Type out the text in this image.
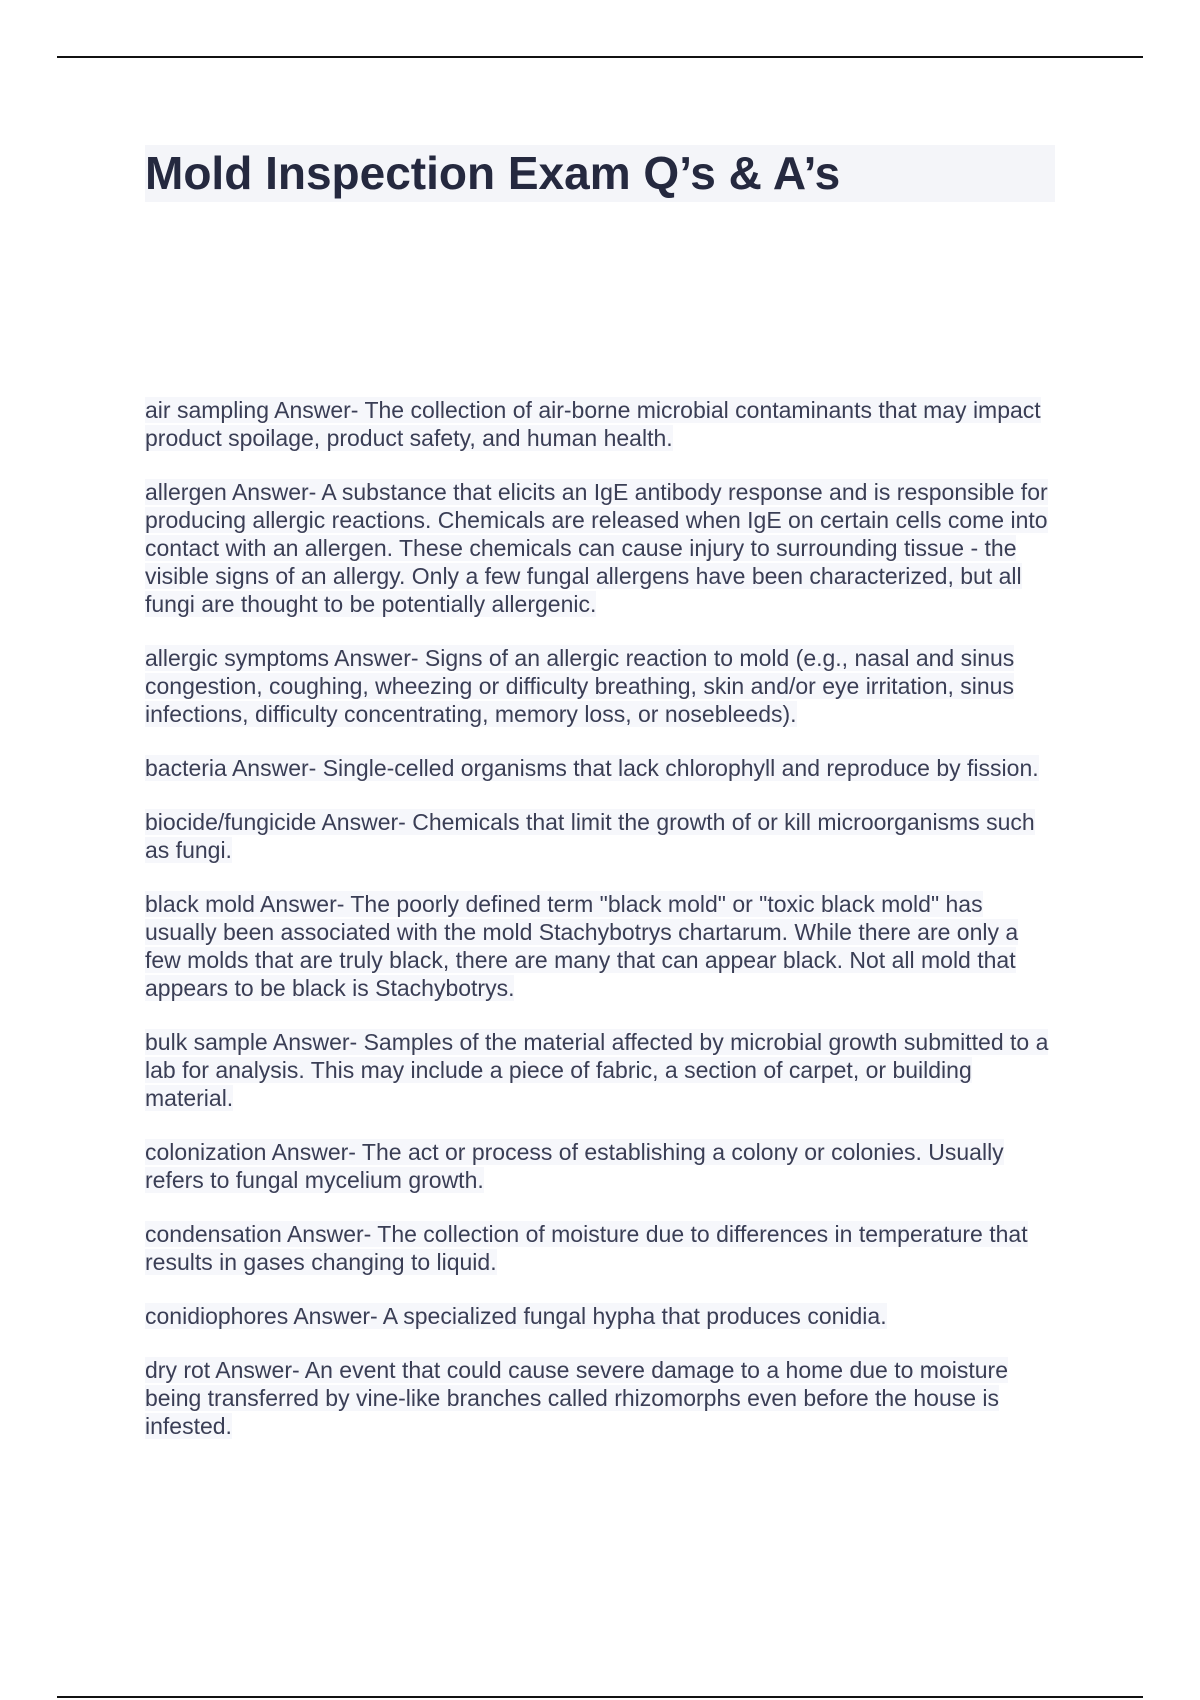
Mold Inspection Exam Q’s & A’s

air sampling Answer- The collection of air-borne microbial contaminants that may impact product spoilage, product safety, and human health.

allergen Answer- A substance that elicits an IgE antibody response and is responsible for producing allergic reactions. Chemicals are released when IgE on certain cells come into contact with an allergen. These chemicals can cause injury to surrounding tissue - the visible signs of an allergy. Only a few fungal allergens have been characterized, but all fungi are thought to be potentially allergenic.

allergic symptoms Answer- Signs of an allergic reaction to mold (e.g., nasal and sinus congestion, coughing, wheezing or difficulty breathing, skin and/or eye irritation, sinus infections, difficulty concentrating, memory loss, or nosebleeds).

bacteria Answer- Single-celled organisms that lack chlorophyll and reproduce by fission.

biocide/fungicide Answer- Chemicals that limit the growth of or kill microorganisms such as fungi.

black mold Answer- The poorly defined term "black mold" or "toxic black mold" has usually been associated with the mold Stachybotrys chartarum. While there are only a few molds that are truly black, there are many that can appear black. Not all mold that appears to be black is Stachybotrys.

bulk sample Answer- Samples of the material affected by microbial growth submitted to a lab for analysis. This may include a piece of fabric, a section of carpet, or building material.

colonization Answer- The act or process of establishing a colony or colonies. Usually refers to fungal mycelium growth.

condensation Answer- The collection of moisture due to differences in temperature that results in gases changing to liquid.

conidiophores Answer- A specialized fungal hypha that produces conidia.

dry rot Answer- An event that could cause severe damage to a home due to moisture being transferred by vine-like branches called rhizomorphs even before the house is infested.
